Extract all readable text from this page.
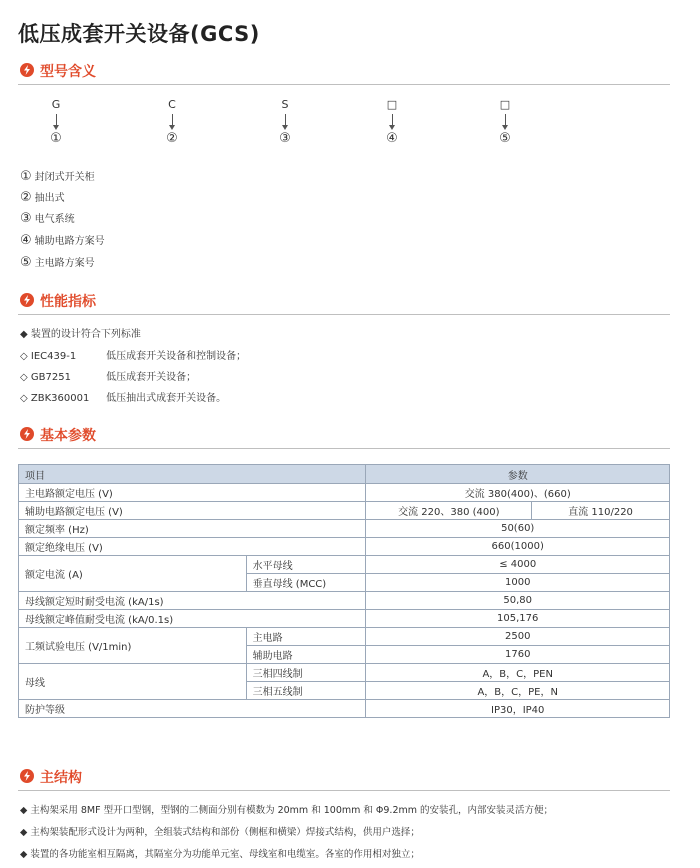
低压成套开关设备(GCS)
型号含义
G
①
C
②
S
③
□
④
□
⑤
① 封闭式开关柜
② 抽出式
③ 电气系统
④ 辅助电路方案号
⑤ 主电路方案号
性能指标
◆ 装置的设计符合下列标准
◇ IEC439-1	低压成套开关设备和控制设备；
◇ GB7251	低压成套开关设备；
◇ ZBK360001 低压抽出式成套开关设备。
基本参数
项目		参数	
主电路额定电压 (V)		交流 380(400)、(660)	
辅助电路额定电压 (V)		交流 220、380 (400)	直流 110/220
额定频率 (Hz)		50(60)	
额定绝缘电压 (V)		660(1000)	
额定电流 (A)	水平母线	≤ 4000	
	垂直母线 (MCC)	1000	
母线额定短时耐受电流 (kA/1s)		50,80	
母线额定峰值耐受电流 (kA/0.1s)		105,176	
工频试验电压 (V/1min)	主电路	2500	
	辅助电路	1760	
母线	三相四线制	A，B，C，PEN	
	三相五线制	A，B，C，PE，N	
防护等级		IP30，IP40	
主结构
◆ 主构架采用 8MF 型开口型钢，型钢的二侧面分别有模数为 20mm 和 100mm 和 Φ9.2mm 的安装孔，内部安装灵活方便；
◆ 主构架装配形式设计为两种，全组装式结构和部份（侧框和横梁）焊接式结构，供用户选择；
◆ 装置的各功能室相互隔离，其隔室分为功能单元室、母线室和电缆室。各室的作用相对独立；
